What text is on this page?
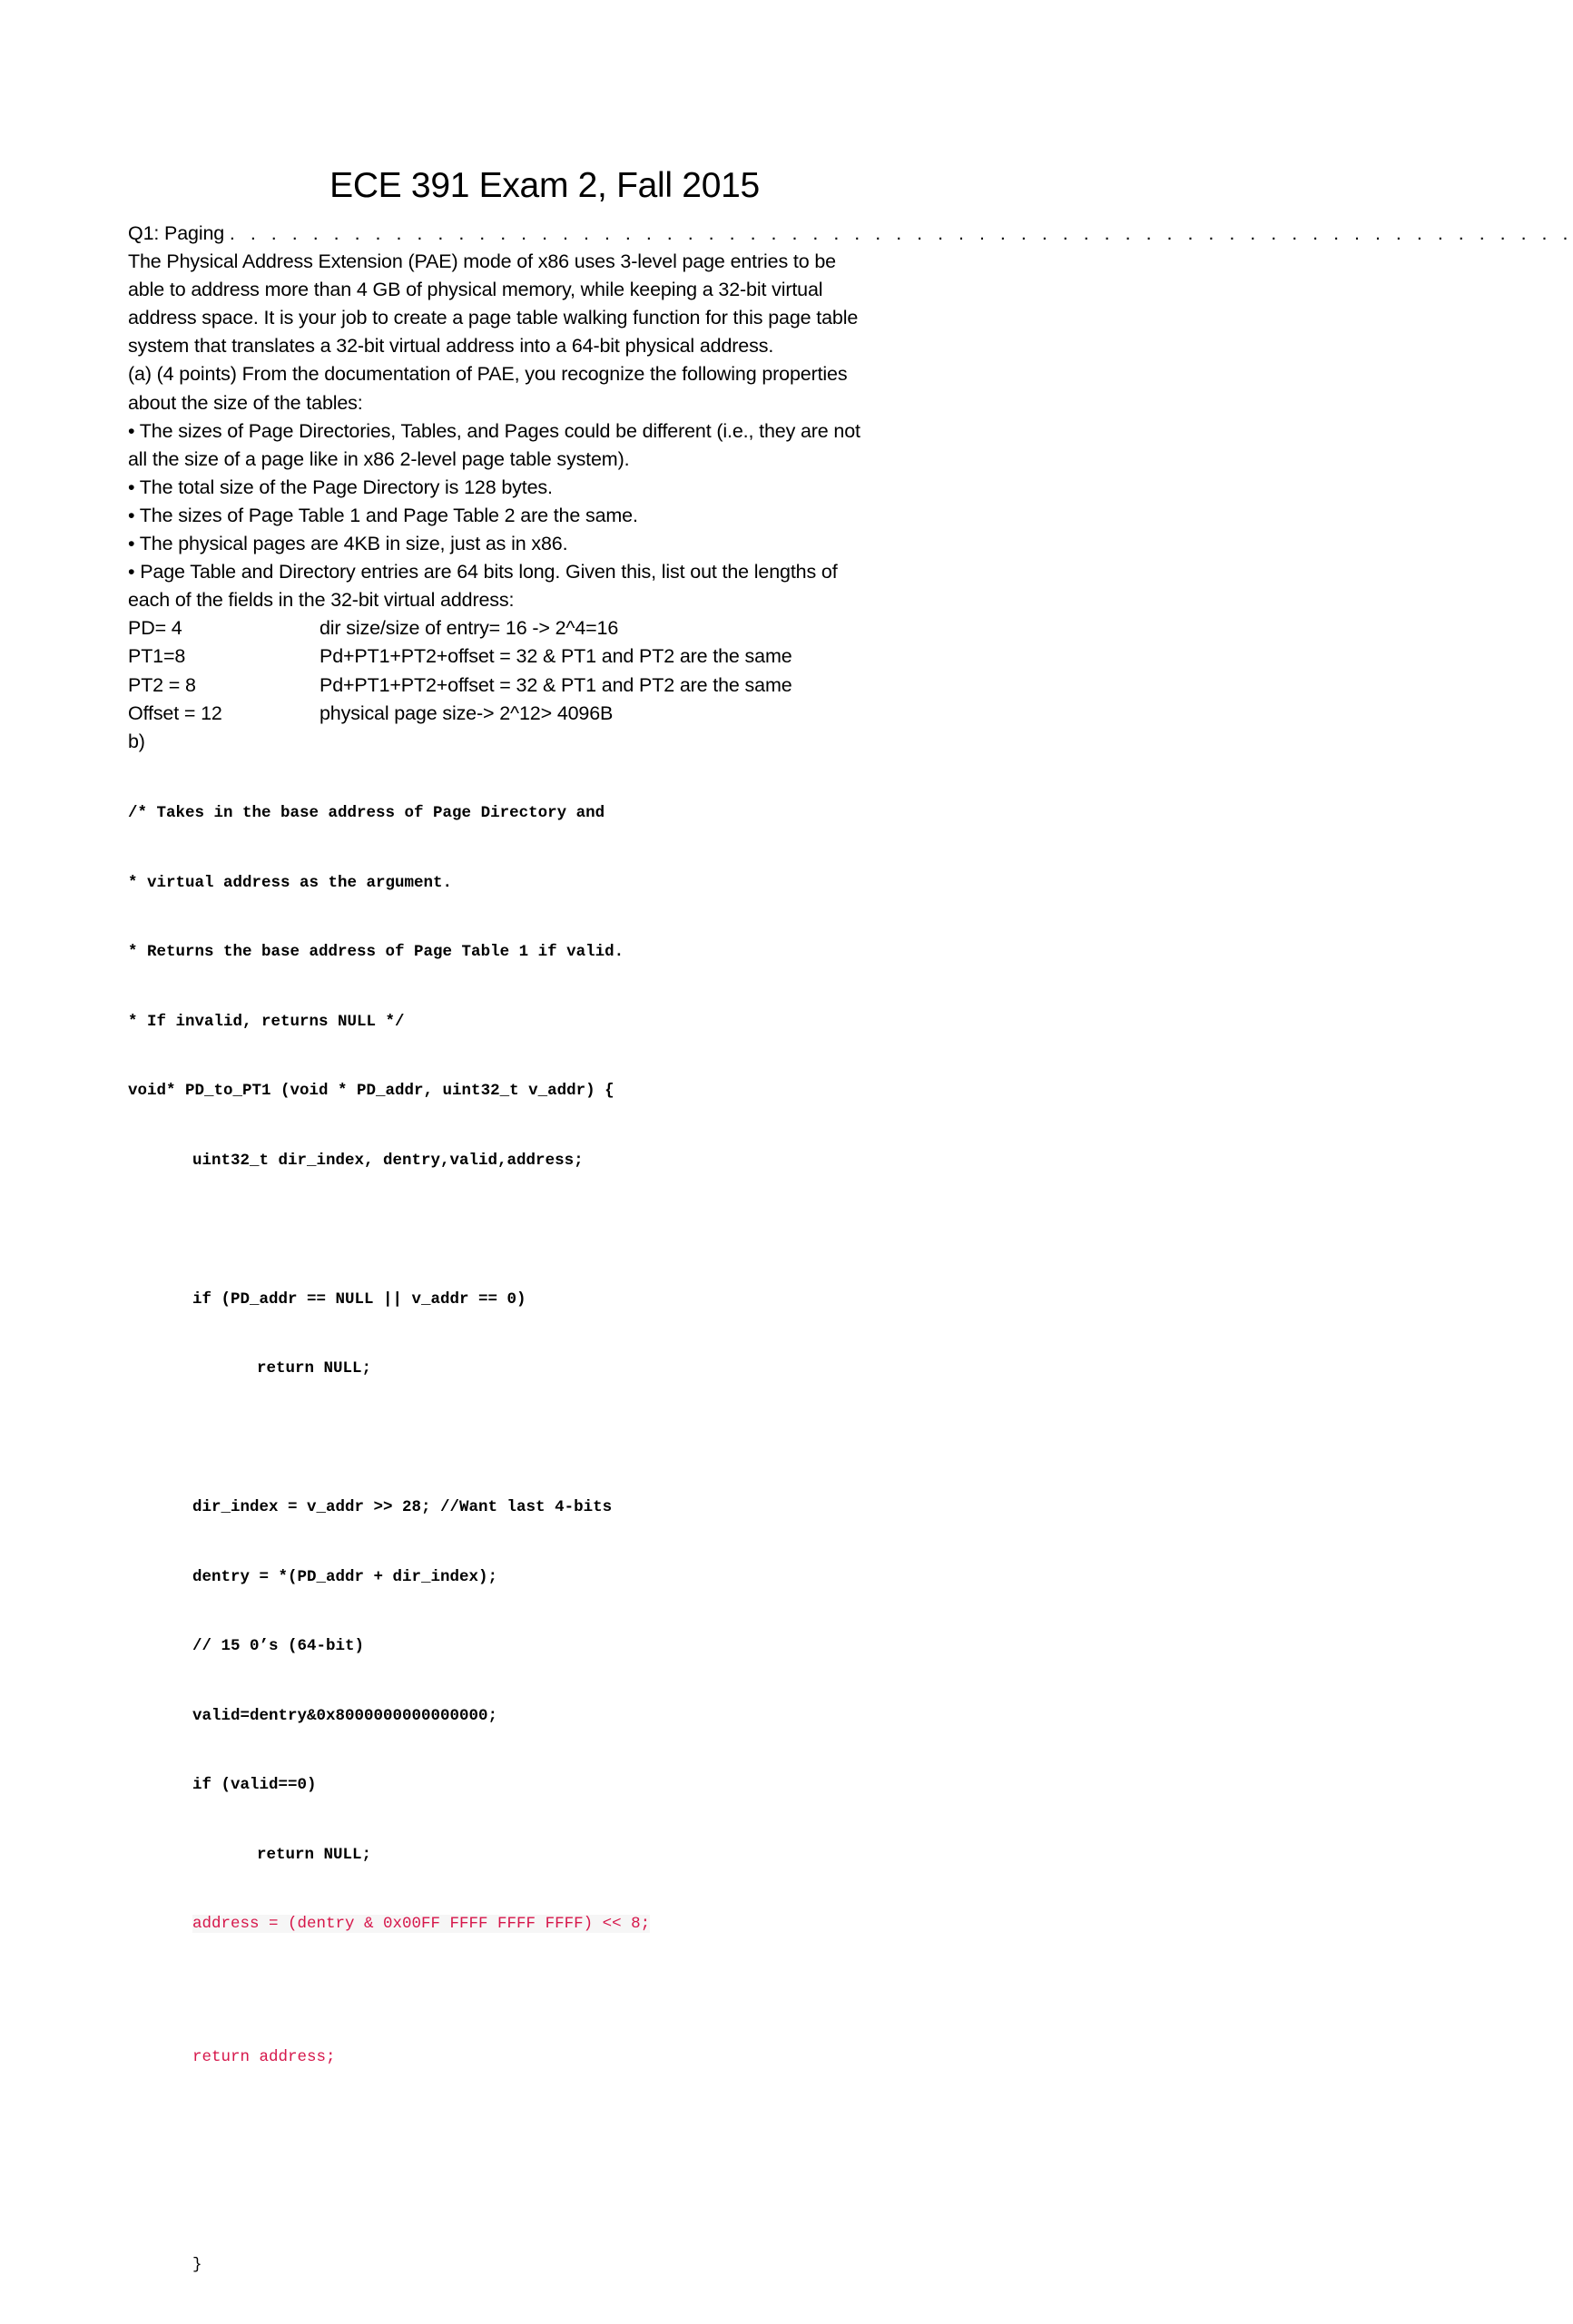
ECE 391 Exam 2, Fall 2015
Q1: Paging . . . . . . . . . . . . . . . . . . . . . . . . . . . . . . . . . . . . . . . . . . . . . . . . . . . . . . . . . . . . . . . . .
The Physical Address Extension (PAE) mode of x86 uses 3-level page entries to be
able to address more than 4 GB of physical memory, while keeping a 32-bit virtual
address space. It is your job to create a page table walking function for this page table
system that translates a 32-bit virtual address into a 64-bit physical address.
(a) (4 points) From the documentation of PAE, you recognize the following properties
about the size of the tables:
• The sizes of Page Directories, Tables, and Pages could be different (i.e., they are not
all the size of a page like in x86 2-level page table system).
• The total size of the Page Directory is 128 bytes.
• The sizes of Page Table 1 and Page Table 2 are the same.
• The physical pages are 4KB in size, just as in x86.
• Page Table and Directory entries are 64 bits long. Given this, list out the lengths of
each of the fields in the 32-bit virtual address:
PD= 4	dir size/size of entry= 16 -> 2^4=16
PT1=8	Pd+PT1+PT2+offset = 32 & PT1 and PT2 are the same
PT2 = 8	Pd+PT1+PT2+offset = 32 & PT1 and PT2 are the same
Offset = 12	physical page size-> 2^12> 4096B
b)

/* Takes in the base address of Page Directory and

* virtual address as the argument.

* Returns the base address of Page Table 1 if valid.

* If invalid, returns NULL */

void* PD_to_PT1 (void * PD_addr, uint32_t v_addr) {

uint32_t dir_index, dentry,valid,address;

if (PD_addr == NULL || v_addr == 0)

return NULL;

dir_index = v_addr >> 28; //Want last 4-bits

dentry = *(PD_addr + dir_index);

// 15 0’s (64-bit)

valid=dentry&0x8000000000000000;

if (valid==0)

return NULL;

address = (dentry & 0x00FF FFFF FFFF FFFF) << 8;

return address;

}
